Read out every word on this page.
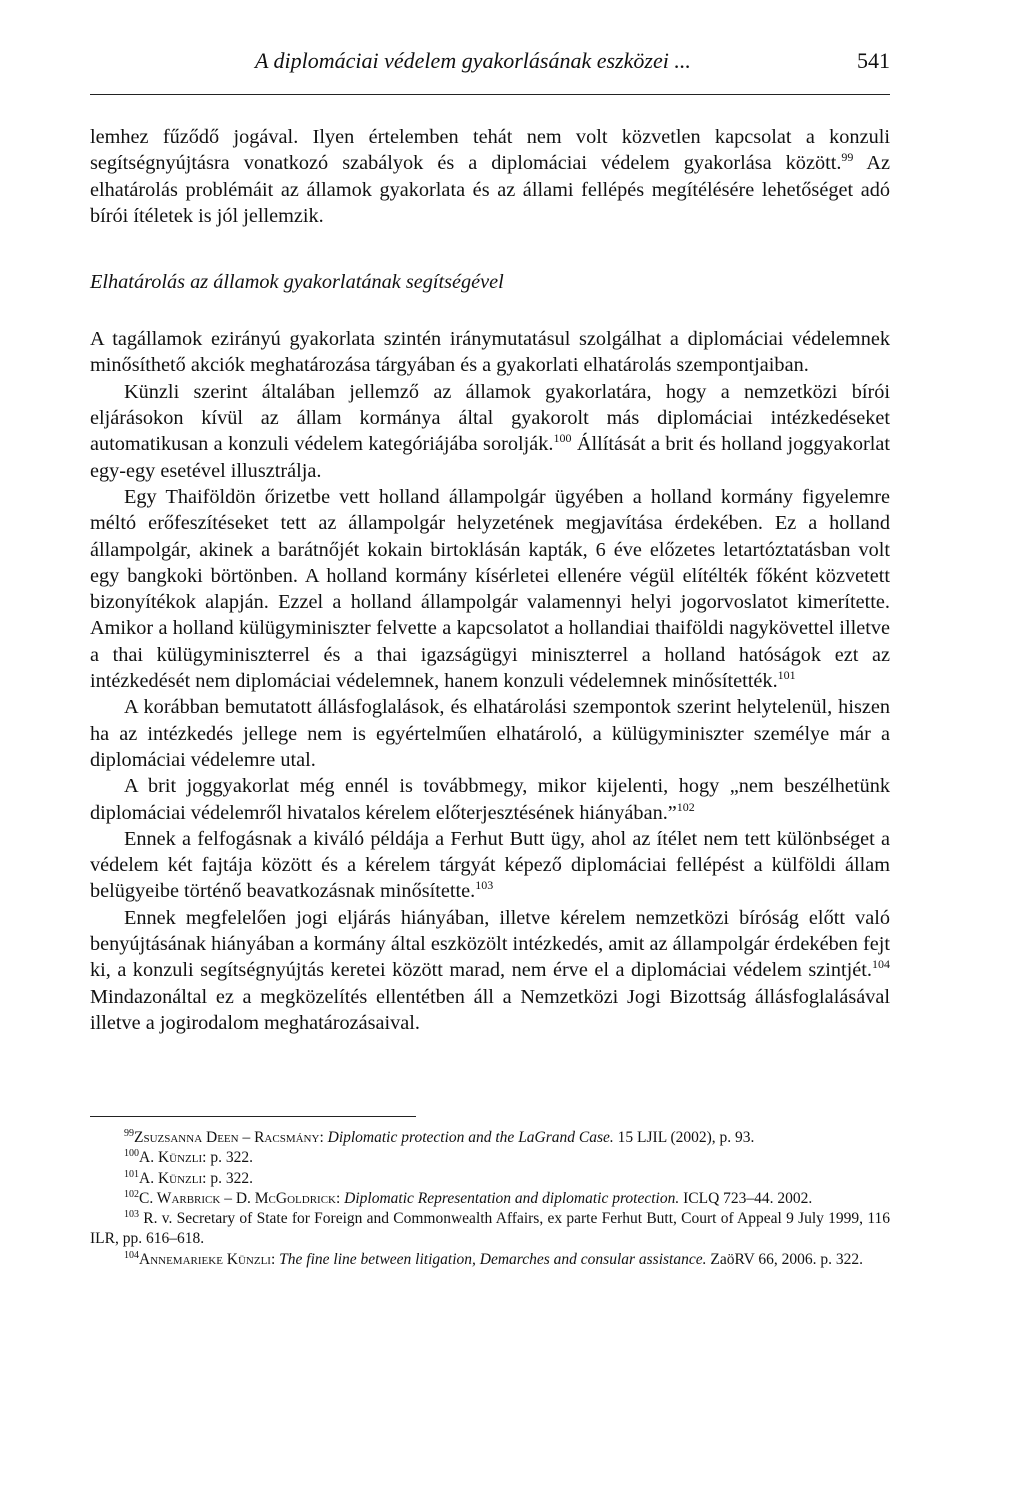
A diplomáciai védelem gyakorlásának eszközei ...	541

lemhez fűződő jogával. Ilyen értelemben tehát nem volt közvetlen kapcsolat a konzuli segítségnyújtásra vonatkozó szabályok és a diplomáciai védelem gyakorlása között.$^{99}$ Az elhatárolás problémáit az államok gyakorlata és az állami fellépés megítélésére lehetőséget adó bírói ítéletek is jól jellemzik.

Elhatárolás az államok gyakorlatának segítségével

A tagállamok ezirányú gyakorlata szintén iránymutatásul szolgálhat a diplomáciai védelemnek minősíthető akciók meghatározása tárgyában és a gyakorlati elhatárolás szempontjaiban.

Künzli szerint általában jellemző az államok gyakorlatára, hogy a nemzetközi bírói eljárásokon kívül az állam kormánya által gyakorolt más diplomáciai intézkedéseket automatikusan a konzuli védelem kategóriájába sorolják.$^{100}$ Állítását a brit és holland joggyakorlat egy-egy esetével illusztrálja.

Egy Thaiföldön őrizetbe vett holland állampolgár ügyében a holland kormány figyelemre méltó erőfeszítéseket tett az állampolgár helyzetének megjavítása érdekében. Ez a holland állampolgár, akinek a barátnőjét kokain birtoklásán kapták, 6 éve előzetes letartóztatásban volt egy bangkoki börtönben. A holland kormány kísérletei ellenére végül elítélték főként közvetett bizonyítékok alapján. Ezzel a holland állampolgár valamennyi helyi jogorvoslatot kimerítette. Amikor a holland külügyminiszter felvette a kapcsolatot a hollandiai thaiföldi nagykövettel illetve a thai külügyminiszterrel és a thai igazságügyi miniszterrel a holland hatóságok ezt az intézkedését nem diplomáciai védelemnek, hanem konzuli védelemnek minősítették.$^{101}$

A korábban bemutatott állásfoglalások, és elhatárolási szempontok szerint helytelenül, hiszen ha az intézkedés jellege nem is egyértelműen elhatároló, a külügyminiszter személye már a diplomáciai védelemre utal.

A brit joggyakorlat még ennél is továbbmegy, mikor kijelenti, hogy „nem beszélhetünk diplomáciai védelemről hivatalos kérelem előterjesztésének hiányában.”$^{102}$

Ennek a felfogásnak a kiváló példája a Ferhut Butt ügy, ahol az ítélet nem tett különbséget a védelem két fajtája között és a kérelem tárgyát képező diplomáciai fellépést a külföldi állam belügyeibe történő beavatkozásnak minősítette.$^{103}$

Ennek megfelelően jogi eljárás hiányában, illetve kérelem nemzetközi bíróság előtt való benyújtásának hiányában a kormány által eszközölt intézkedés, amit az állampolgár érdekében fejt ki, a konzuli segítségnyújtás keretei között marad, nem érve el a diplomáciai védelem szintjét.$^{104}$ Mindazonáltal ez a megközelítés ellentétben áll a Nemzetközi Jogi Bizottság állásfoglalásával illetve a jogirodalom meghatározásaival.

$^{99}$Zsuzsanna Deen – Racsmány: Diplomatic protection and the LaGrand Case. 15 LJIL (2002), p. 93.

$^{100}$A. Künzli: p. 322.

$^{101}$A. Künzli: p. 322.

$^{102}$C. Warbrick – D. McGoldrick: Diplomatic Representation and diplomatic protection. ICLQ 723–44. 2002.

$^{103}$ R. v. Secretary of State for Foreign and Commonwealth Affairs, ex parte Ferhut Butt, Court of Appeal 9 July 1999, 116 ILR, pp. 616–618.

$^{104}$Annemarieke Künzli: The fine line between litigation, Demarches and consular assistance. ZaöRV 66, 2006. p. 322.
